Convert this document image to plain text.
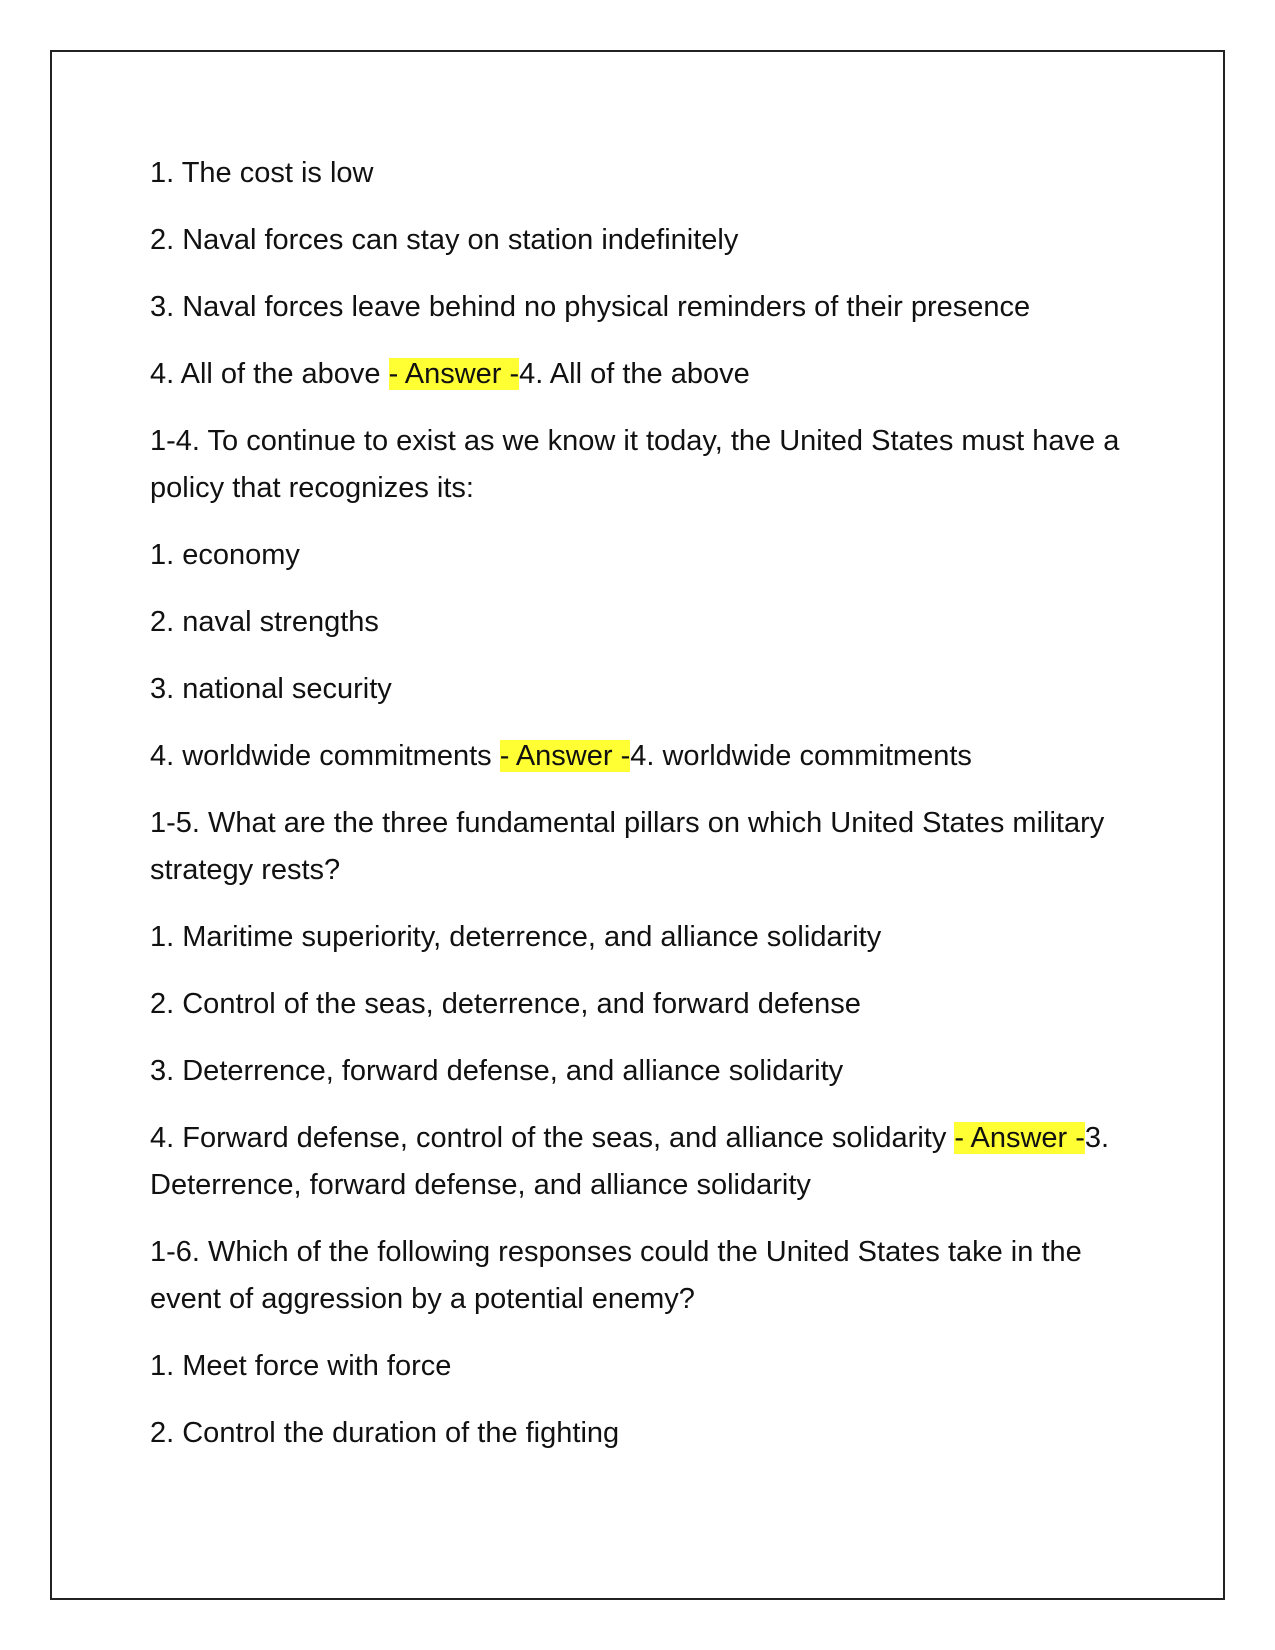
1. The cost is low

2. Naval forces can stay on station indefinitely

3. Naval forces leave behind no physical reminders of their presence

4. All of the above - Answer -4. All of the above

1-4. To continue to exist as we know it today, the United States must have a policy that recognizes its:

1. economy

2. naval strengths

3. national security

4. worldwide commitments - Answer -4. worldwide commitments

1-5. What are the three fundamental pillars on which United States military strategy rests?

1. Maritime superiority, deterrence, and alliance solidarity

2. Control of the seas, deterrence, and forward defense

3. Deterrence, forward defense, and alliance solidarity

4. Forward defense, control of the seas, and alliance solidarity - Answer -3. Deterrence, forward defense, and alliance solidarity

1-6. Which of the following responses could the United States take in the event of aggression by a potential enemy?

1. Meet force with force

2. Control the duration of the fighting
